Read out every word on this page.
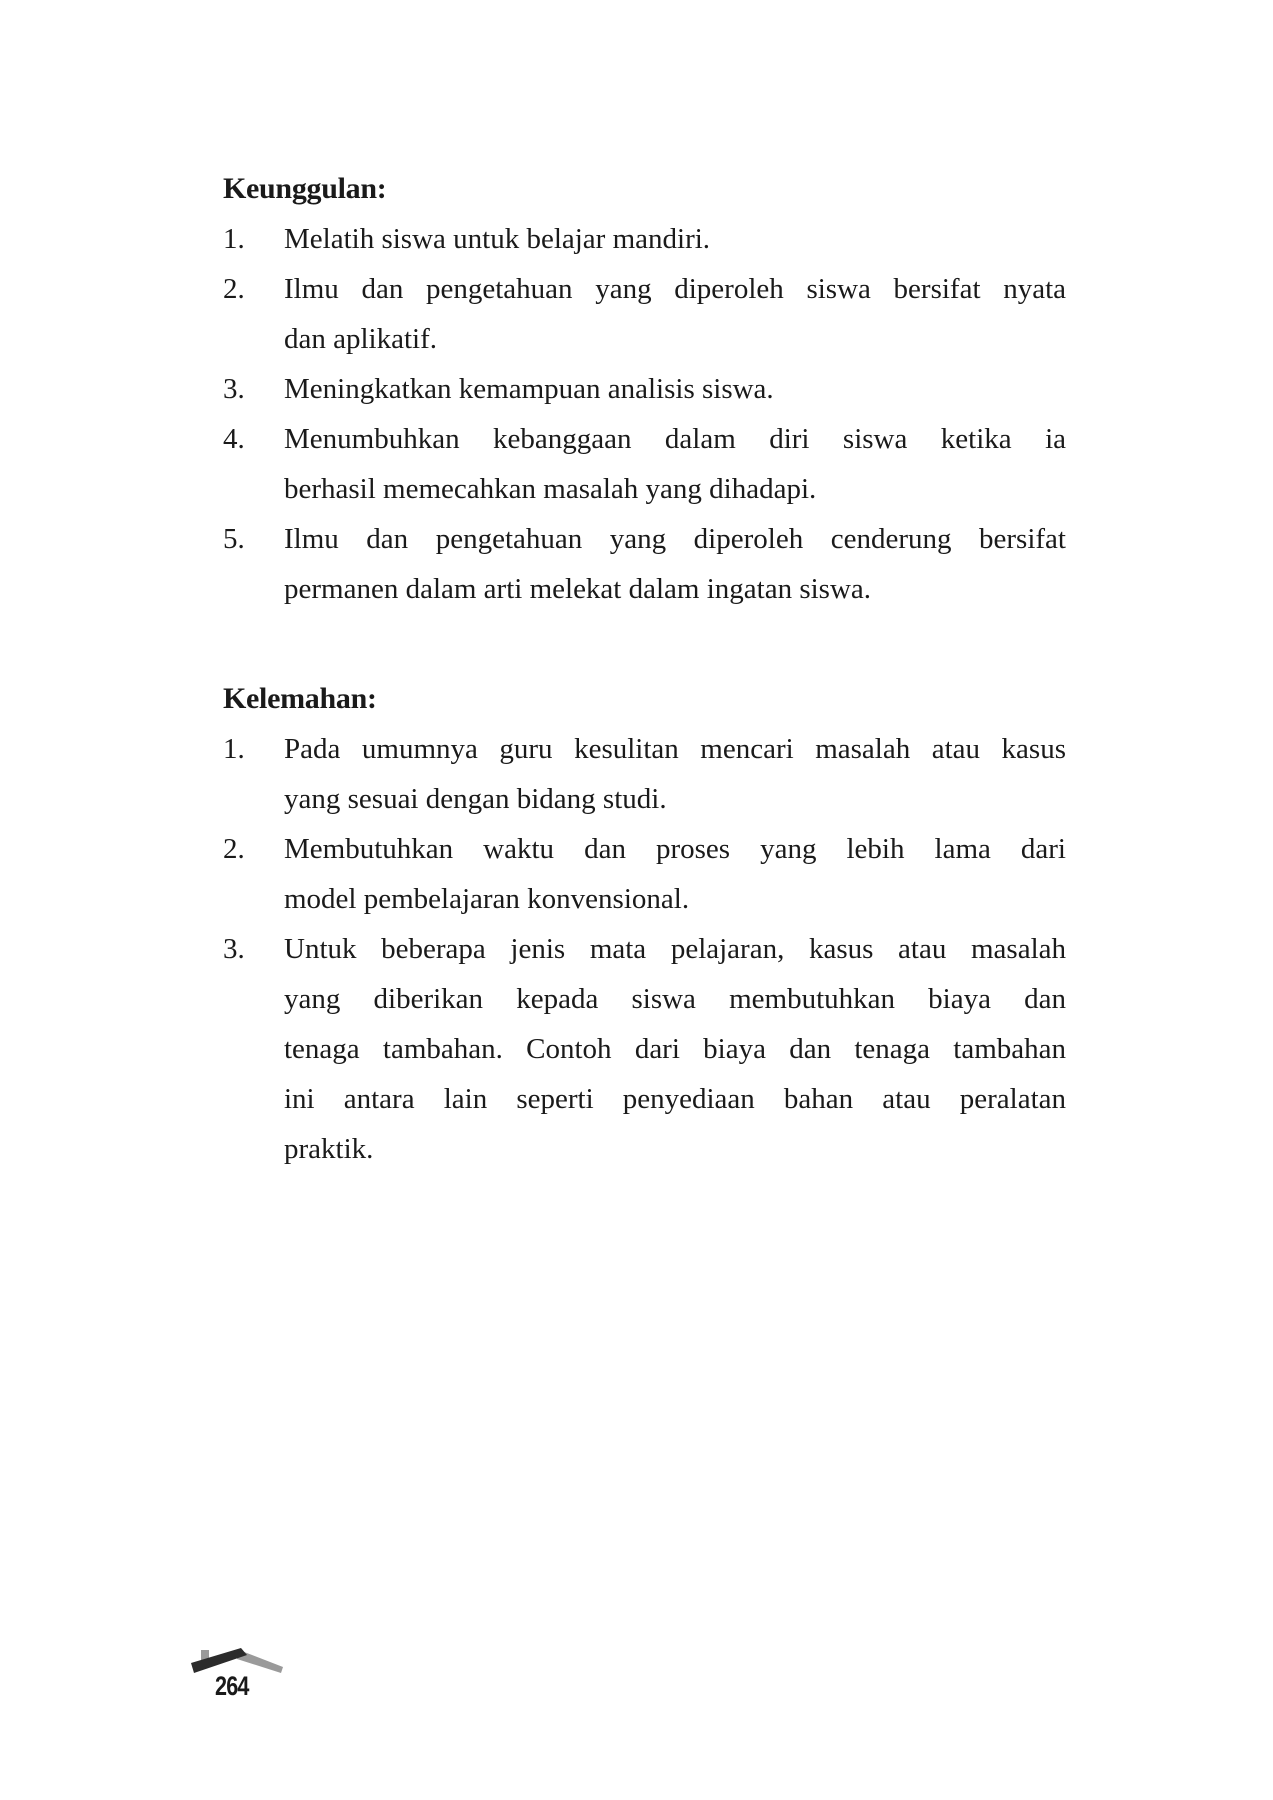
Keunggulan:
1. Melatih siswa untuk belajar mandiri.
2. Ilmu dan pengetahuan yang diperoleh siswa bersifat nyata
dan aplikatif.
3. Meningkatkan kemampuan analisis siswa.
4. Menumbuhkan kebanggaan dalam diri siswa ketika ia
berhasil memecahkan masalah yang dihadapi.
5. Ilmu dan pengetahuan yang diperoleh cenderung bersifat
permanen dalam arti melekat dalam ingatan siswa.
Kelemahan:
1. Pada umumnya guru kesulitan mencari masalah atau kasus
yang sesuai dengan bidang studi.
2. Membutuhkan waktu dan proses yang lebih lama dari
model pembelajaran konvensional.
3. Untuk beberapa jenis mata pelajaran, kasus atau masalah
yang diberikan kepada siswa membutuhkan biaya dan
tenaga tambahan. Contoh dari biaya dan tenaga tambahan
ini antara lain seperti penyediaan bahan atau peralatan
praktik.
264
